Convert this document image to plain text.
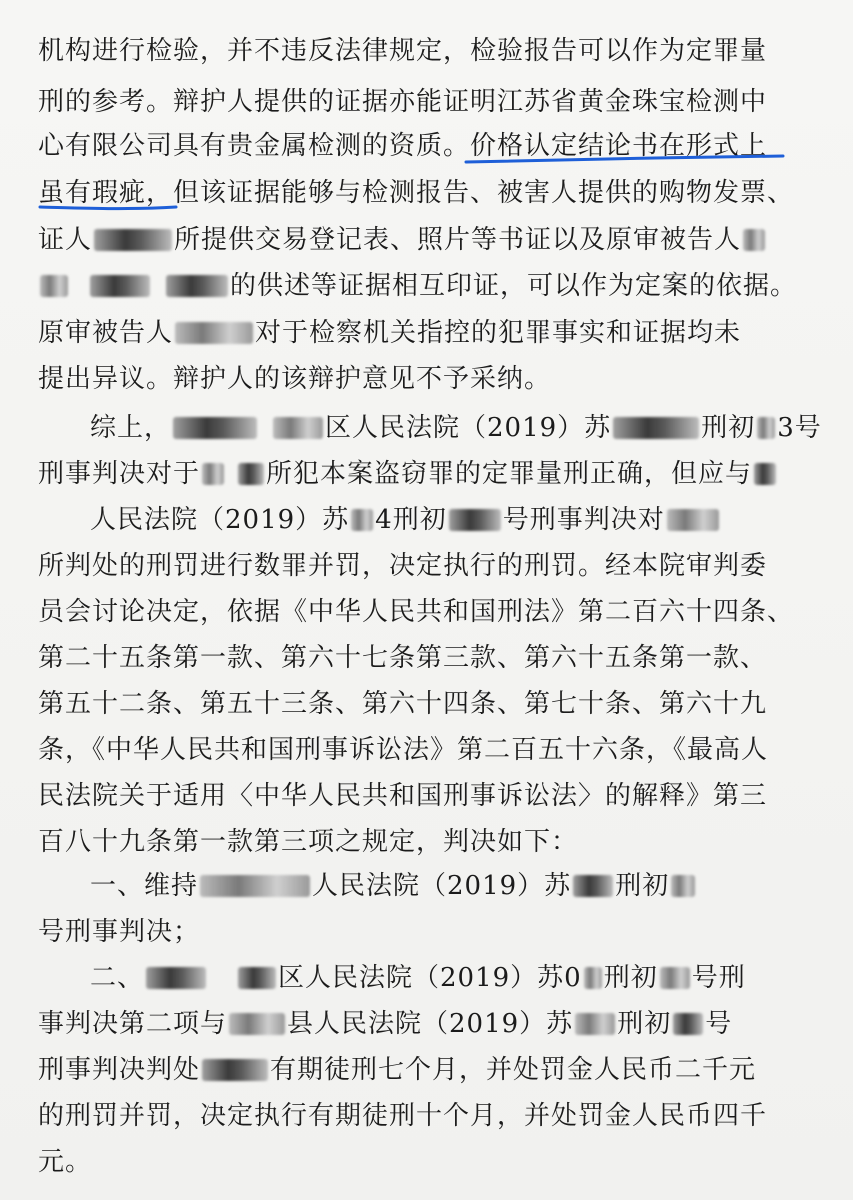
机构进行检验，并不违反法律规定，检验报告可以作为定罪量
刑的参考。辩护人提供的证据亦能证明江苏省黄金珠宝检测中
心有限公司具有贵金属检测的资质。价格认定结论书在形式上
虽有瑕疵，但该证据能够与检测报告、被害人提供的购物发票、
证人	所提供交易登记表、照片等书证以及原审被告人
的供述等证据相互印证，可以作为定案的依据。
原审被告人	对于检察机关指控的犯罪事实和证据均未
提出异议。辩护人的该辩护意见不予采纳。
综上，	区人民法院（2019）苏	刑初 3号
刑事判决对于	所犯本案盗窃罪的定罪量刑正确，但应与
人民法院（2019）苏 4刑初 号刑事判决对
所判处的刑罚进行数罪并罚，决定执行的刑罚。经本院审判委
员会讨论决定，依据《中华人民共和国刑法》第二百六十四条、
第二十五条第一款、第六十七条第三款、第六十五条第一款、
第五十二条、第五十三条、第六十四条、第七十条、第六十九
条，《中华人民共和国刑事诉讼法》第二百五十六条，《最高人
民法院关于适用〈中华人民共和国刑事诉讼法〉的解释》第三
百八十九条第一款第三项之规定，判决如下：
一、维持	人民法院（2019）苏 刑初
号刑事判决；
二、	区人民法院（2019）苏0 刑初 号刑
事判决第二项与 县人民法院（2019）苏 刑初 号
刑事判决判处	有期徒刑七个月，并处罚金人民币二千元
的刑罚并罚，决定执行有期徒刑十个月，并处罚金人民币四千
元。
